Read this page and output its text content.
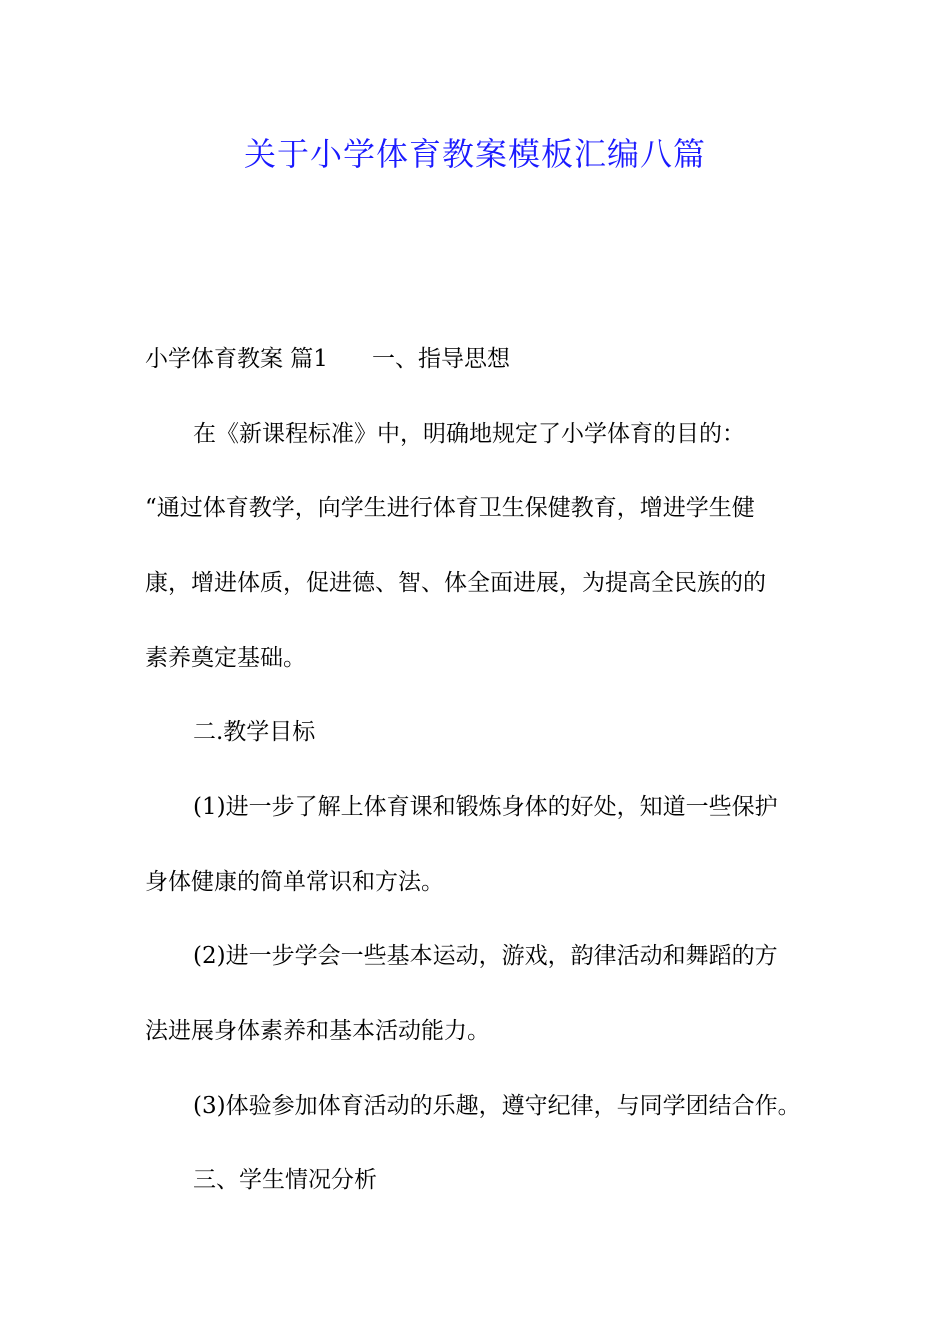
关于小学体育教案模板汇编八篇

小学体育教案 篇1 一、指导思想

在《新课程标准》中，明确地规定了小学体育的目的：

“通过体育教学，向学生进行体育卫生保健教育，增进学生健

康，增进体质，促进德、智、体全面进展，为提高全民族的的

素养奠定基础。

二.教学目标

(1)进一步了解上体育课和锻炼身体的好处，知道一些保护

身体健康的简单常识和方法。

(2)进一步学会一些基本运动，游戏，韵律活动和舞蹈的方

法进展身体素养和基本活动能力。

(3)体验参加体育活动的乐趣，遵守纪律，与同学团结合作。

三、学生情况分析
